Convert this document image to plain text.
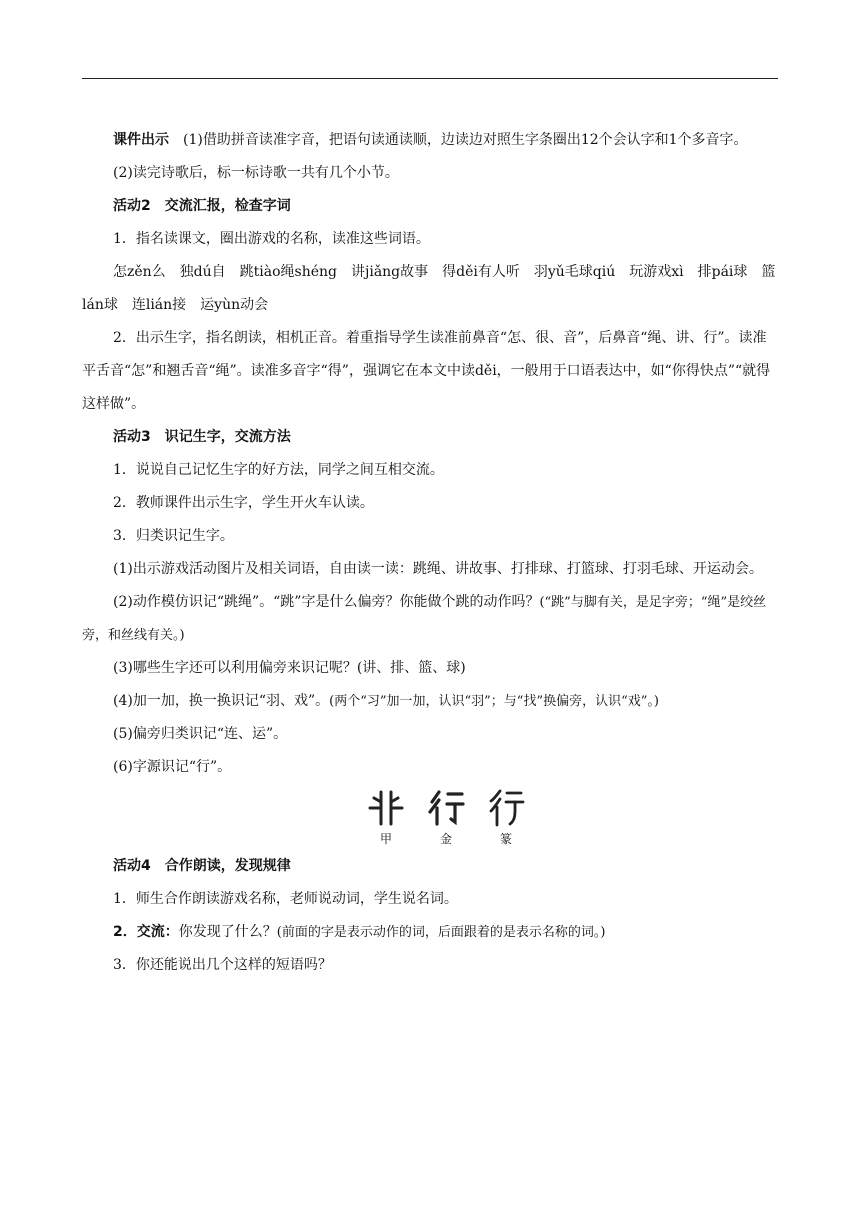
课件出示 (1)借助拼音读准字音，把语句读通读顺，边读边对照生字条圈出12个会认字和1个多音字。

(2)读完诗歌后，标一标诗歌一共有几个小节。

活动2　交流汇报，检查字词

1．指名读课文，圈出游戏的名称，读准这些词语。

怎zěn么　独dú自　跳tiào绳shéng　讲jiǎng故事　得děi有人听　羽yǔ毛球qiú　玩游戏xì　排pái球　篮lán球　连lián接　运yùn动会

2．出示生字，指名朗读，相机正音。着重指导学生读准前鼻音“怎、很、音”，后鼻音“绳、讲、行”。读准平舌音“怎”和翘舌音“绳”。读准多音字“得”，强调它在本文中读děi，一般用于口语表达中，如“你得快点”“就得这样做”。

活动3　识记生字，交流方法

1．说说自己记忆生字的好方法，同学之间互相交流。

2．教师课件出示生字，学生开火车认读。

3．归类识记生字。

(1)出示游戏活动图片及相关词语，自由读一读：跳绳、讲故事、打排球、打篮球、打羽毛球、开运动会。

(2)动作模仿识记“跳绳”。“跳”字是什么偏旁？你能做个跳的动作吗？(“跳”与脚有关，是足字旁；“绳”是绞丝旁，和丝线有关。)

(3)哪些生字还可以利用偏旁来识记呢？(讲、排、篮、球)

(4)加一加，换一换识记“羽、戏”。(两个“习”加一加，认识“羽”；与“找”换偏旁，认识“戏”。)

(5)偏旁归类识记“连、运”。

(6)字源识记“行”。

甲	金	篆

活动4　合作朗读，发现规律

1．师生合作朗读游戏名称，老师说动词，学生说名词。

2．交流：你发现了什么？(前面的字是表示动作的词，后面跟着的是表示名称的词。)

3．你还能说出几个这样的短语吗？
